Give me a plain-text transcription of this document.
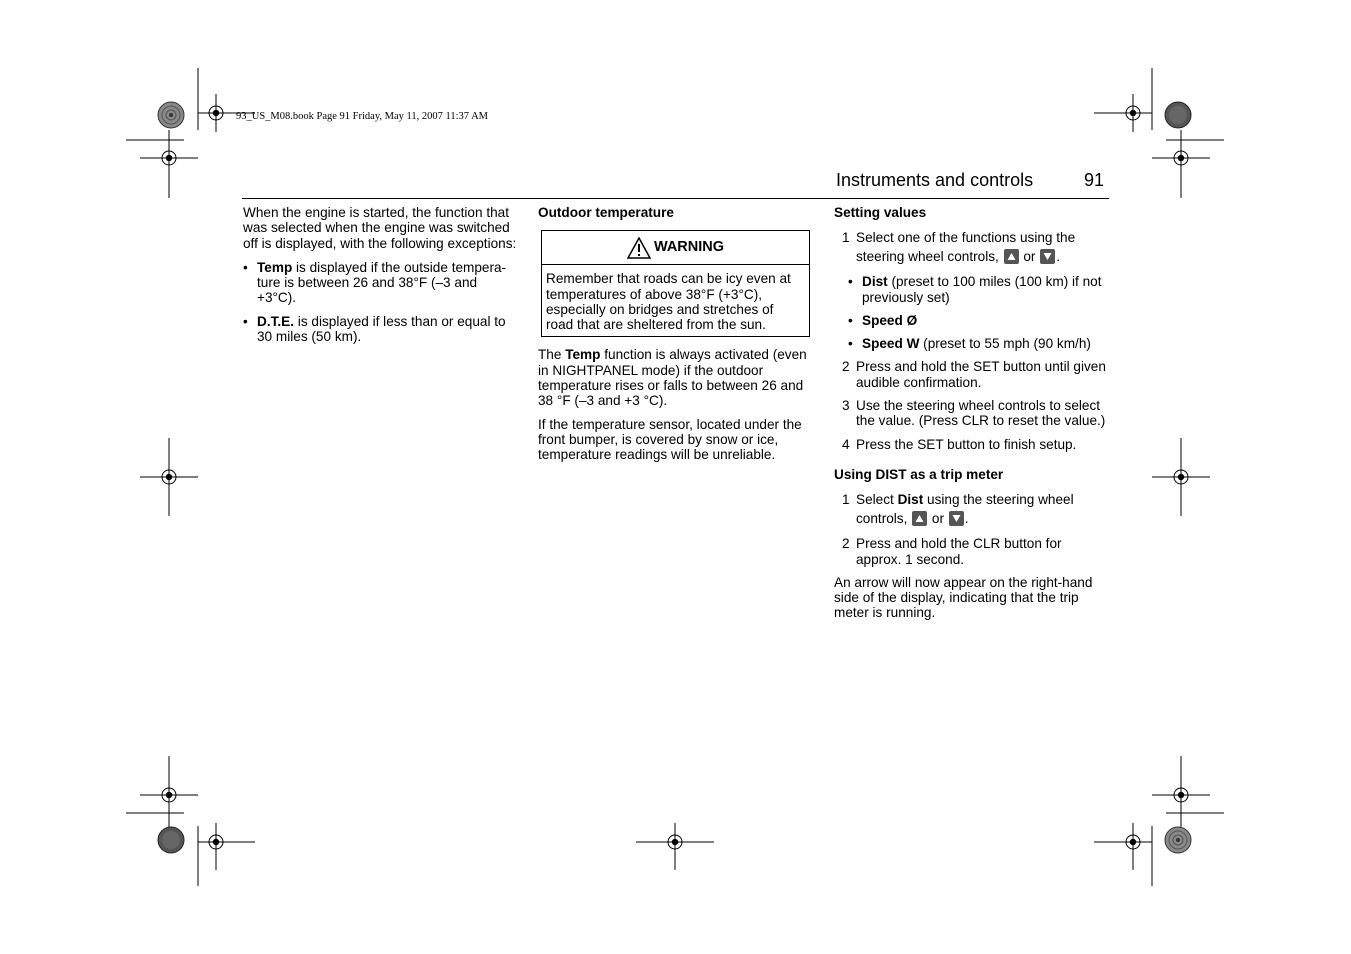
93_US_M08.book Page 91 Friday, May 11, 2007 11:37 AM
Instruments and controls	91

When the engine is started, the function that was selected when the engine was switched off is displayed, with the following exceptions:

• Temp is displayed if the outside tempera-ture is between 26 and 38°F (–3 and +3°C).
• D.T.E. is displayed if less than or equal to 30 miles (50 km).
Outdoor temperature
WARNING
Remember that roads can be icy even at temperatures of above 38°F (+3°C), especially on bridges and stretches of road that are sheltered from the sun.

The Temp function is always activated (even in NIGHTPANEL mode) if the outdoor temperature rises or falls to between 26 and 38 °F (–3 and +3 °C).

If the temperature sensor, located under the front bumper, is covered by snow or ice, temperature readings will be unreliable.

Setting values
1 Select one of the functions using the steering wheel controls,
or
.
• Dist (preset to 100 miles (100 km) if not previously set)
• Speed Ø
• Speed W (preset to 55 mph (90 km/h)
2 Press and hold the SET button until given audible confirmation.
3 Use the steering wheel controls to select the value. (Press CLR to reset the value.)
4 Press the SET button to finish setup.
Using DIST as a trip meter
1 Select Dist using the steering wheel controls,
or
.
2 Press and hold the CLR button for approx. 1 second.

An arrow will now appear on the right-hand side of the display, indicating that the trip meter is running.
